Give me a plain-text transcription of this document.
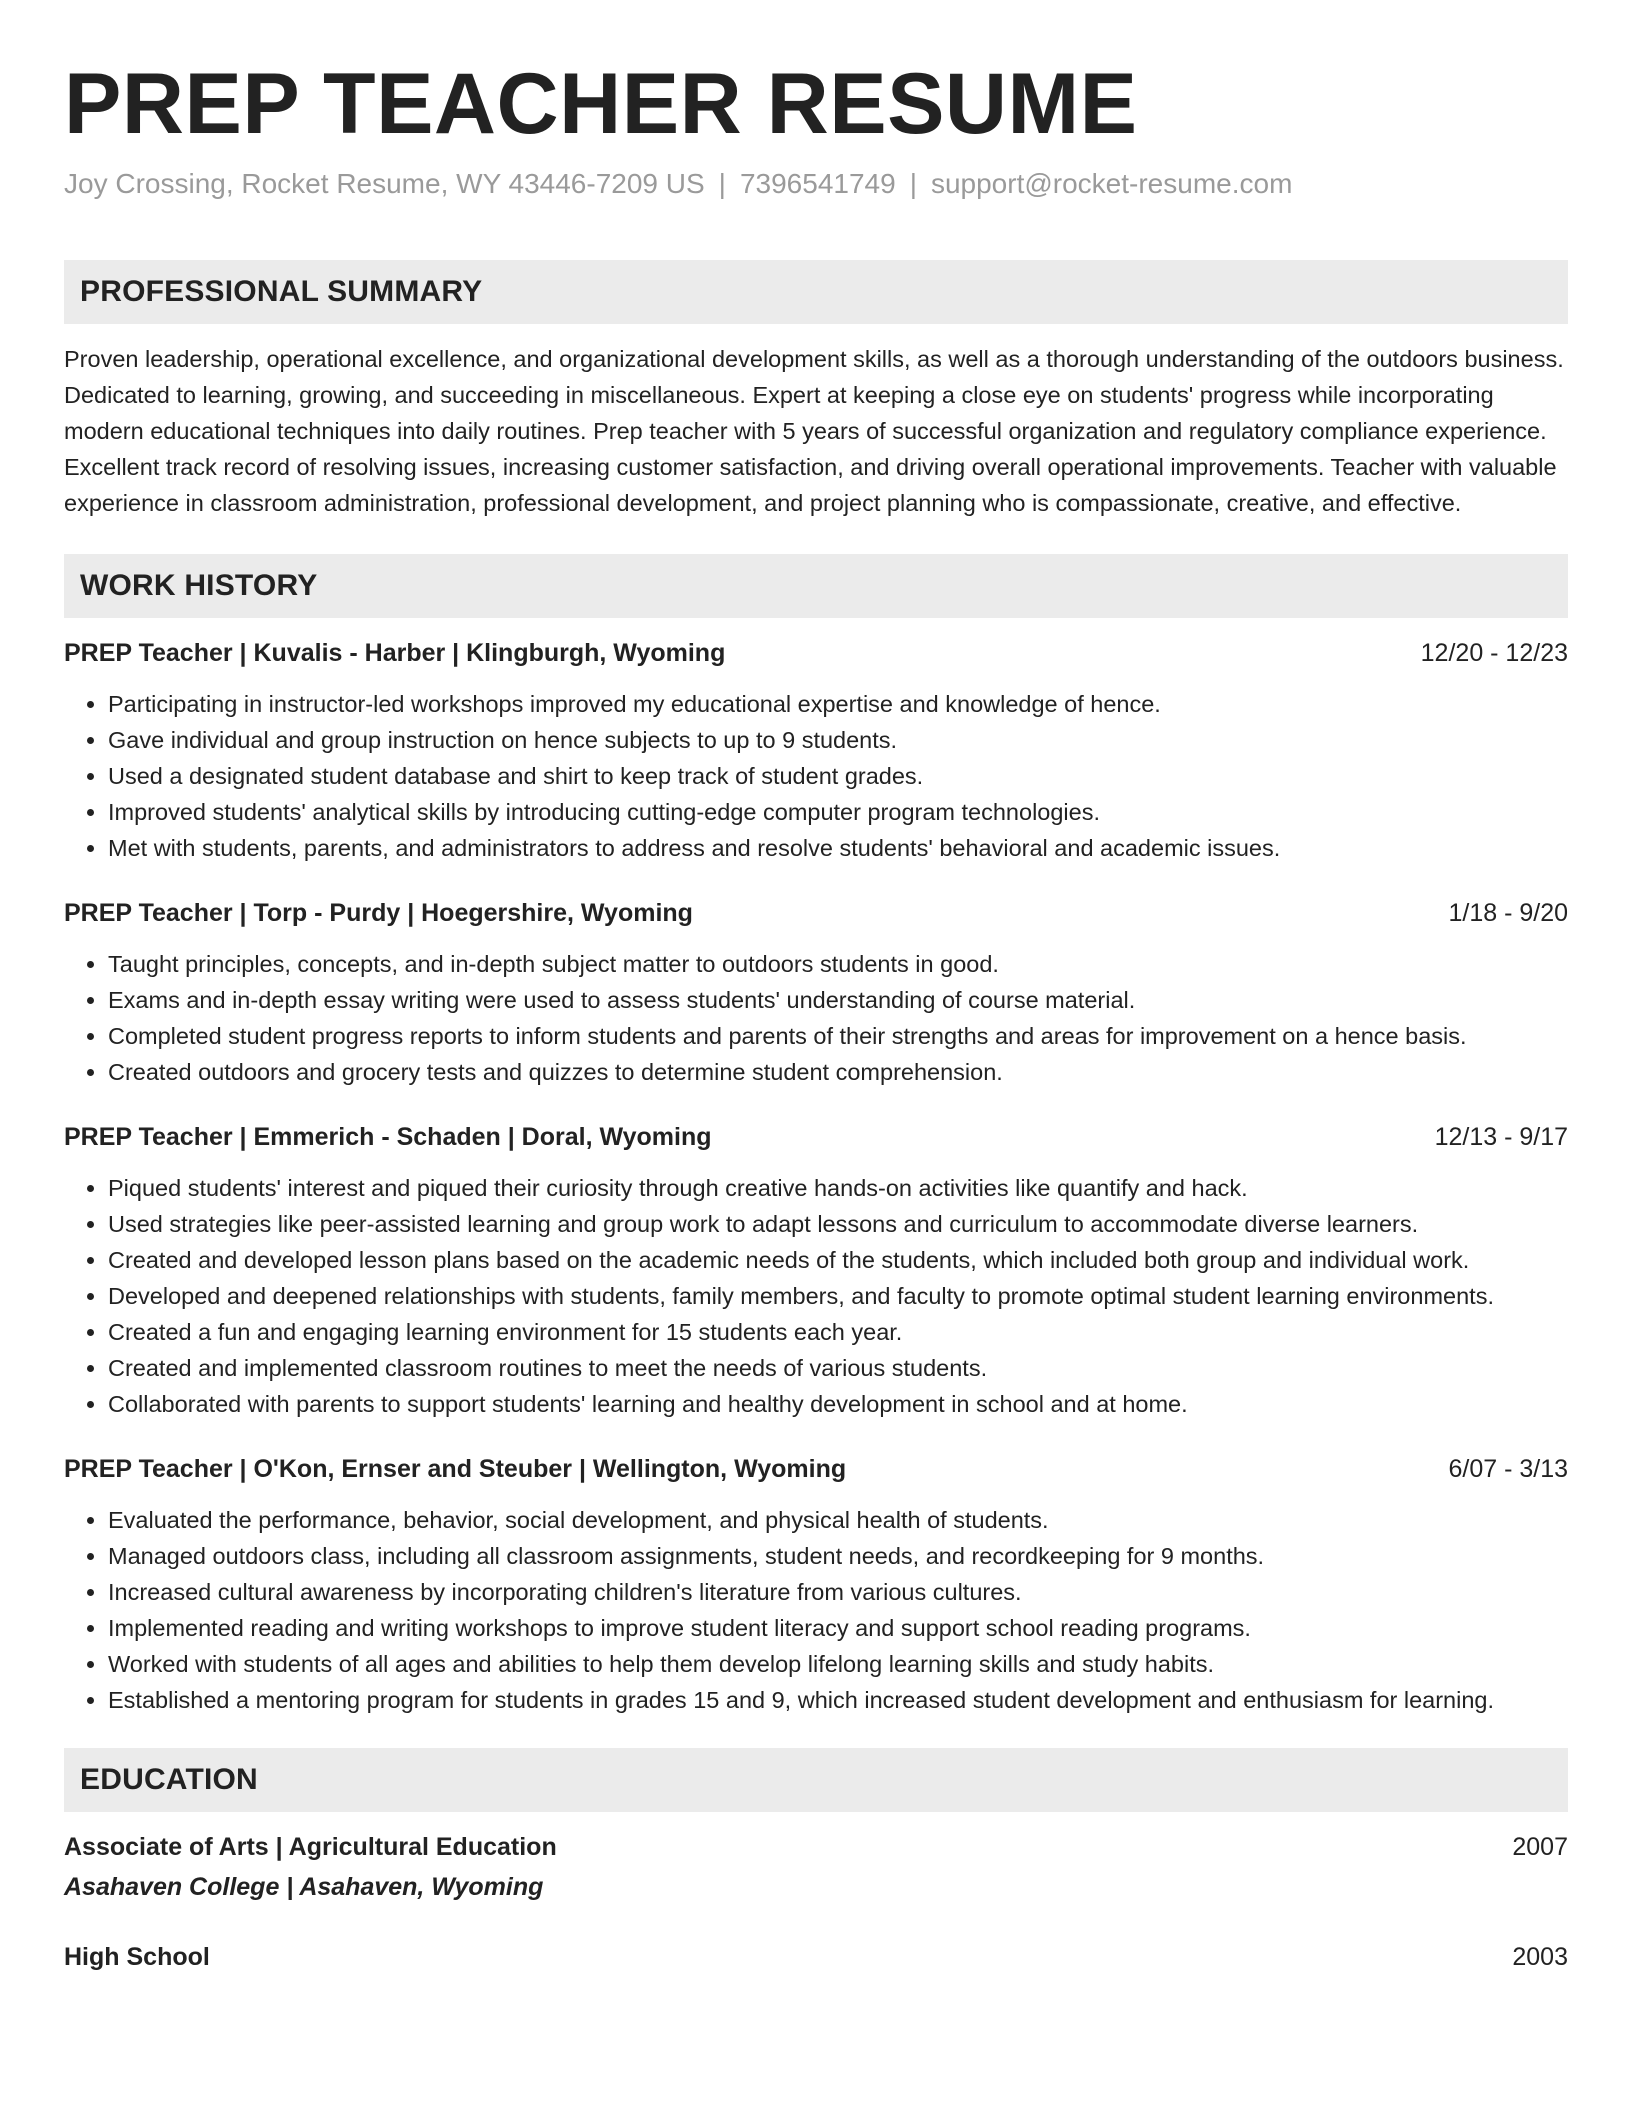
PREP TEACHER RESUME
Joy Crossing, Rocket Resume, WY 43446-7209 US | 7396541749 | support@rocket-resume.com
PROFESSIONAL SUMMARY
Proven leadership, operational excellence, and organizational development skills, as well as a thorough understanding of the outdoors business. Dedicated to learning, growing, and succeeding in miscellaneous. Expert at keeping a close eye on students' progress while incorporating modern educational techniques into daily routines. Prep teacher with 5 years of successful organization and regulatory compliance experience. Excellent track record of resolving issues, increasing customer satisfaction, and driving overall operational improvements. Teacher with valuable experience in classroom administration, professional development, and project planning who is compassionate, creative, and effective.
WORK HISTORY
PREP Teacher | Kuvalis - Harber | Klingburgh, Wyoming	12/20 - 12/23
• Participating in instructor-led workshops improved my educational expertise and knowledge of hence.
• Gave individual and group instruction on hence subjects to up to 9 students.
• Used a designated student database and shirt to keep track of student grades.
• Improved students' analytical skills by introducing cutting-edge computer program technologies.
• Met with students, parents, and administrators to address and resolve students' behavioral and academic issues.
PREP Teacher | Torp - Purdy | Hoegershire, Wyoming	1/18 - 9/20
• Taught principles, concepts, and in-depth subject matter to outdoors students in good.
• Exams and in-depth essay writing were used to assess students' understanding of course material.
• Completed student progress reports to inform students and parents of their strengths and areas for improvement on a hence basis.
• Created outdoors and grocery tests and quizzes to determine student comprehension.
PREP Teacher | Emmerich - Schaden | Doral, Wyoming	12/13 - 9/17
• Piqued students' interest and piqued their curiosity through creative hands-on activities like quantify and hack.
• Used strategies like peer-assisted learning and group work to adapt lessons and curriculum to accommodate diverse learners.
• Created and developed lesson plans based on the academic needs of the students, which included both group and individual work.
• Developed and deepened relationships with students, family members, and faculty to promote optimal student learning environments.
• Created a fun and engaging learning environment for 15 students each year.
• Created and implemented classroom routines to meet the needs of various students.
• Collaborated with parents to support students' learning and healthy development in school and at home.
PREP Teacher | O'Kon, Ernser and Steuber | Wellington, Wyoming	6/07 - 3/13
• Evaluated the performance, behavior, social development, and physical health of students.
• Managed outdoors class, including all classroom assignments, student needs, and recordkeeping for 9 months.
• Increased cultural awareness by incorporating children's literature from various cultures.
• Implemented reading and writing workshops to improve student literacy and support school reading programs.
• Worked with students of all ages and abilities to help them develop lifelong learning skills and study habits.
• Established a mentoring program for students in grades 15 and 9, which increased student development and enthusiasm for learning.
EDUCATION
Associate of Arts | Agricultural Education	2007
Asahaven College | Asahaven, Wyoming
High School	2003
